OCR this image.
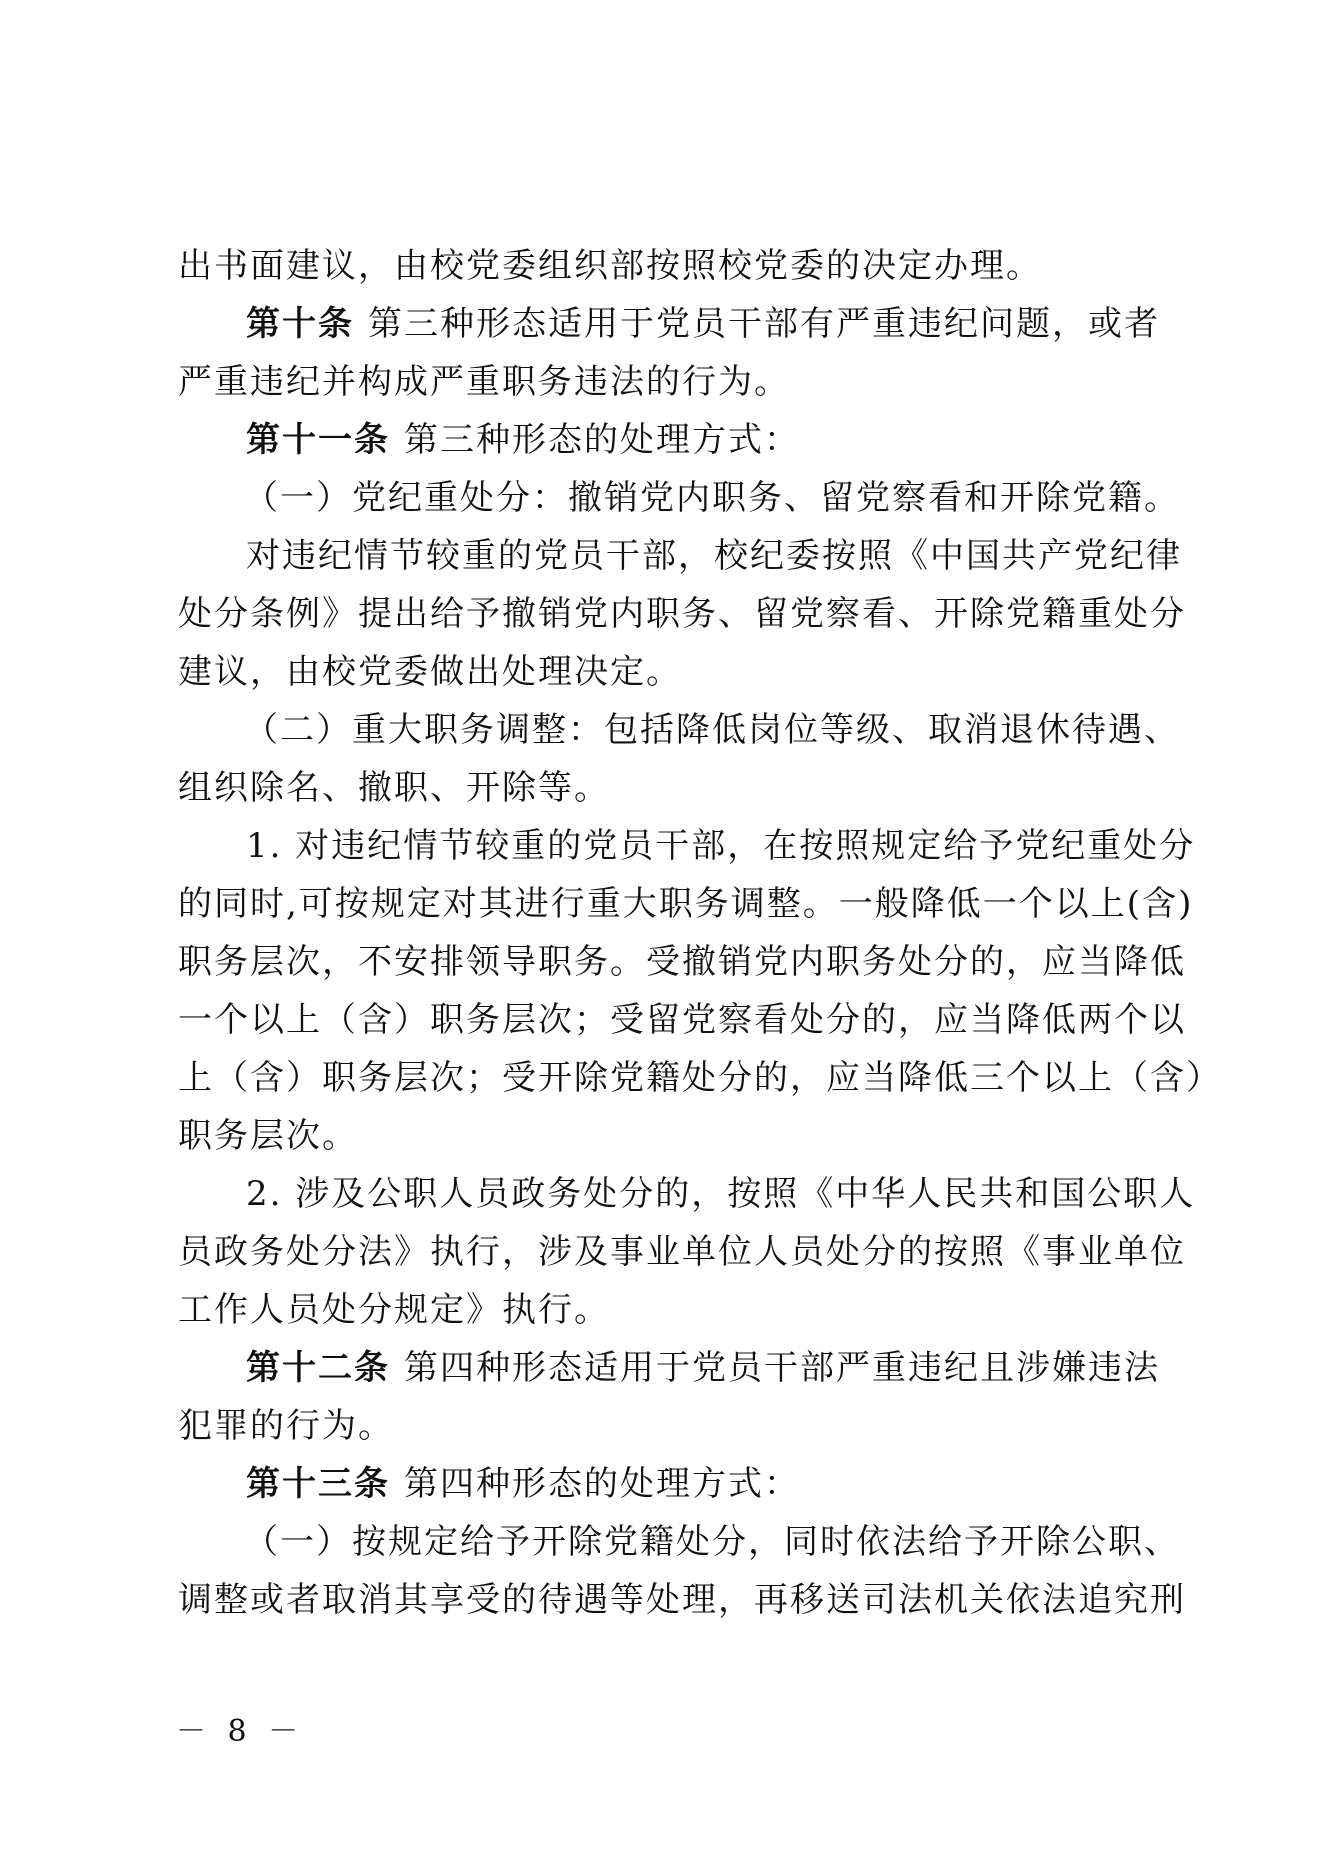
出书面建议，由校党委组织部按照校党委的决定办理。
第十条 第三种形态适用于党员干部有严重违纪问题，或者
严重违纪并构成严重职务违法的行为。
第十一条 第三种形态的处理方式：
（一）党纪重处分：撤销党内职务、留党察看和开除党籍。
对违纪情节较重的党员干部，校纪委按照《中国共产党纪律
处分条例》提出给予撤销党内职务、留党察看、开除党籍重处分
建议，由校党委做出处理决定。
（二）重大职务调整：包括降低岗位等级、取消退休待遇、
组织除名、撤职、开除等。
1. 对违纪情节较重的党员干部，在按照规定给予党纪重处分
的同时,可按规定对其进行重大职务调整。一般降低一个以上(含)
职务层次，不安排领导职务。受撤销党内职务处分的，应当降低
一个以上（含）职务层次；受留党察看处分的，应当降低两个以
上（含）职务层次；受开除党籍处分的，应当降低三个以上（含）
职务层次。
2. 涉及公职人员政务处分的，按照《中华人民共和国公职人
员政务处分法》执行，涉及事业单位人员处分的按照《事业单位
工作人员处分规定》执行。
第十二条 第四种形态适用于党员干部严重违纪且涉嫌违法
犯罪的行为。
第十三条 第四种形态的处理方式：
（一）按规定给予开除党籍处分，同时依法给予开除公职、
调整或者取消其享受的待遇等处理，再移送司法机关依法追究刑
－ 8 －
